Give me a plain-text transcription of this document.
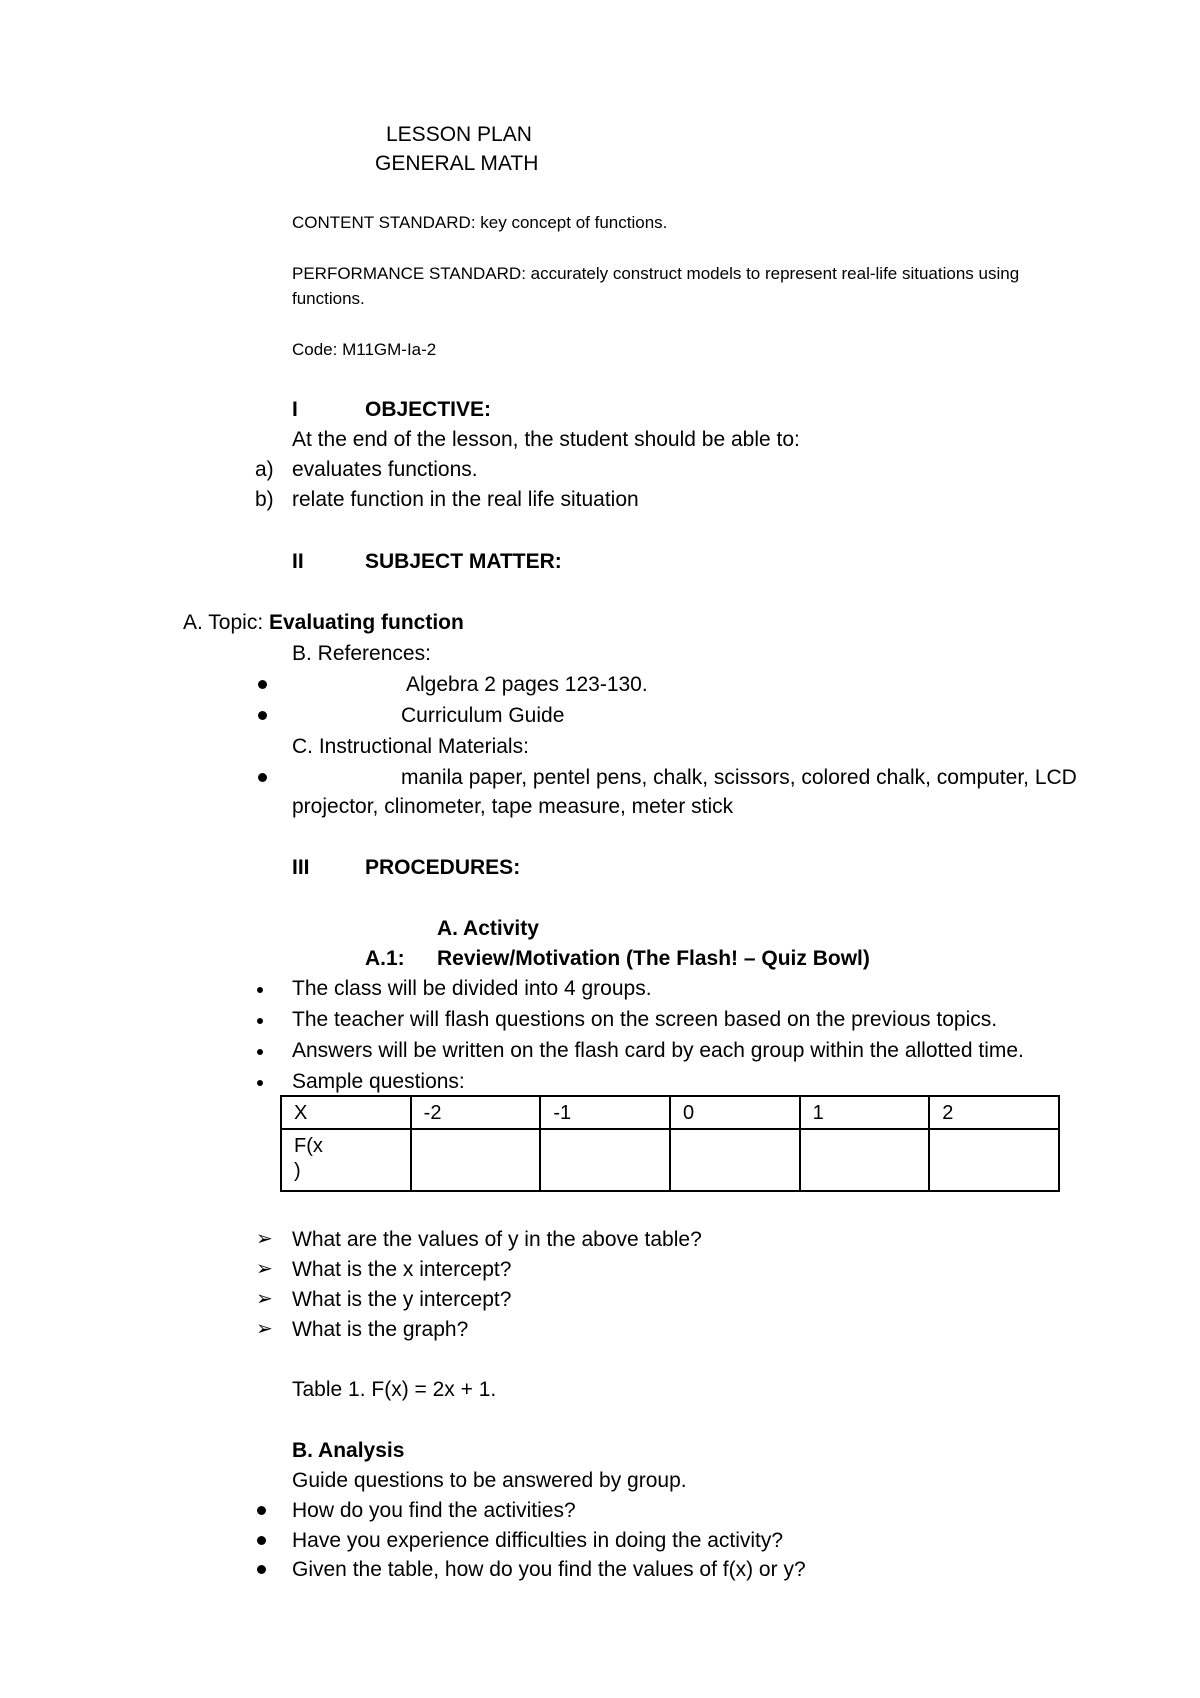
LESSON PLAN
GENERAL MATH
CONTENT STANDARD: key concept of functions.
PERFORMANCE STANDARD: accurately construct models to represent real-life situations using
functions.
Code: M11GM-Ia-2
I	OBJECTIVE:
At the end of the lesson, the student should be able to:
a) evaluates functions.
b) relate function in the real life situation
II	SUBJECT MATTER:
A. Topic: Evaluating function
B. References:
Algebra 2 pages 123-130.
Curriculum Guide
C. Instructional Materials:
manila paper, pentel pens, chalk, scissors, colored chalk, computer, LCD
projector, clinometer, tape measure, meter stick
III	PROCEDURES:
A. Activity
A.1: Review/Motivation (The Flash! – Quiz Bowl)
The class will be divided into 4 groups.
The teacher will flash questions on the screen based on the previous topics.
Answers will be written on the flash card by each group within the allotted time.
Sample questions:
X	-2	-1	0	1	2
F(x
)					
➢ What are the values of y in the above table?
➢ What is the x intercept?
➢ What is the y intercept?
➢ What is the graph?
Table 1. F(x) = 2x + 1.
B. Analysis
Guide questions to be answered by group.
How do you find the activities?
Have you experience difficulties in doing the activity?
Given the table, how do you find the values of f(x) or y?
